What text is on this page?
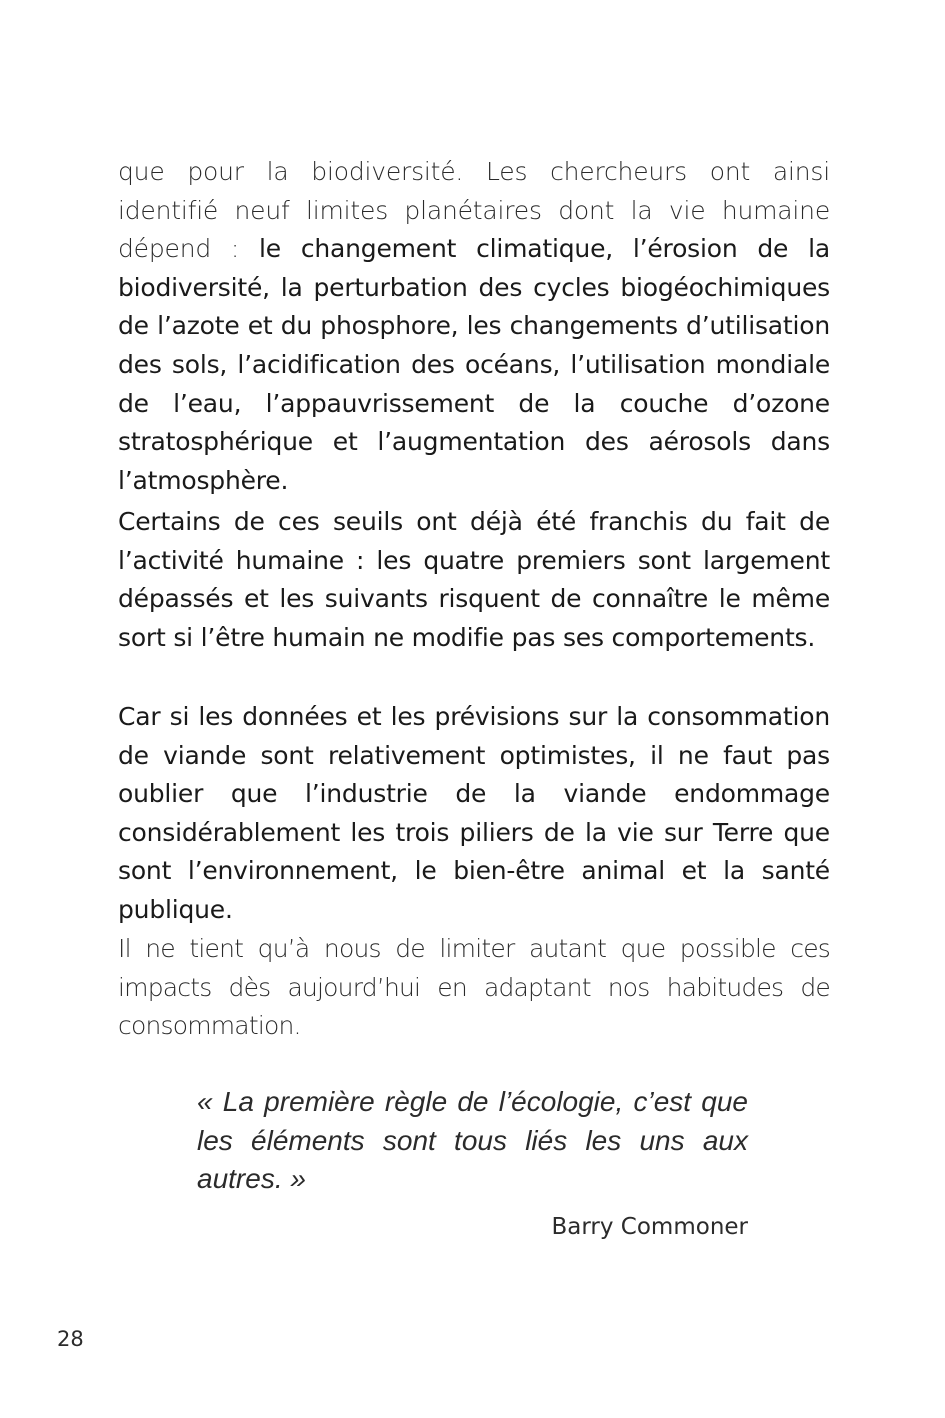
que pour la biodiversité. Les chercheurs ont ainsi identifié neuf limites planétaires dont la vie humaine dépend : le changement climatique, l’érosion de la biodiversité, la perturbation des cycles biogéochimiques de l’azote et du phosphore, les changements d’utilisation des sols, l’acidification des océans, l’utilisation mondiale de l’eau, l’appauvrissement de la couche d’ozone stratosphérique et l’augmentation des aérosols dans l’atmosphère.

Certains de ces seuils ont déjà été franchis du fait de l’activité humaine : les quatre premiers sont largement dépassés et les suivants risquent de connaître le même sort si l’être humain ne modifie pas ses comportements.

Car si les données et les prévisions sur la consommation de viande sont relativement optimistes, il ne faut pas oublier que l’industrie de la viande endommage considérablement les trois piliers de la vie sur Terre que sont l’environnement, le bien-être animal et la santé publique.

Il ne tient qu’à nous de limiter autant que possible ces impacts dès aujourd’hui en adaptant nos habitudes de consommation.

« La première règle de l’écologie, c’est que les éléments sont tous liés les uns aux autres. »
Barry Commoner
28
